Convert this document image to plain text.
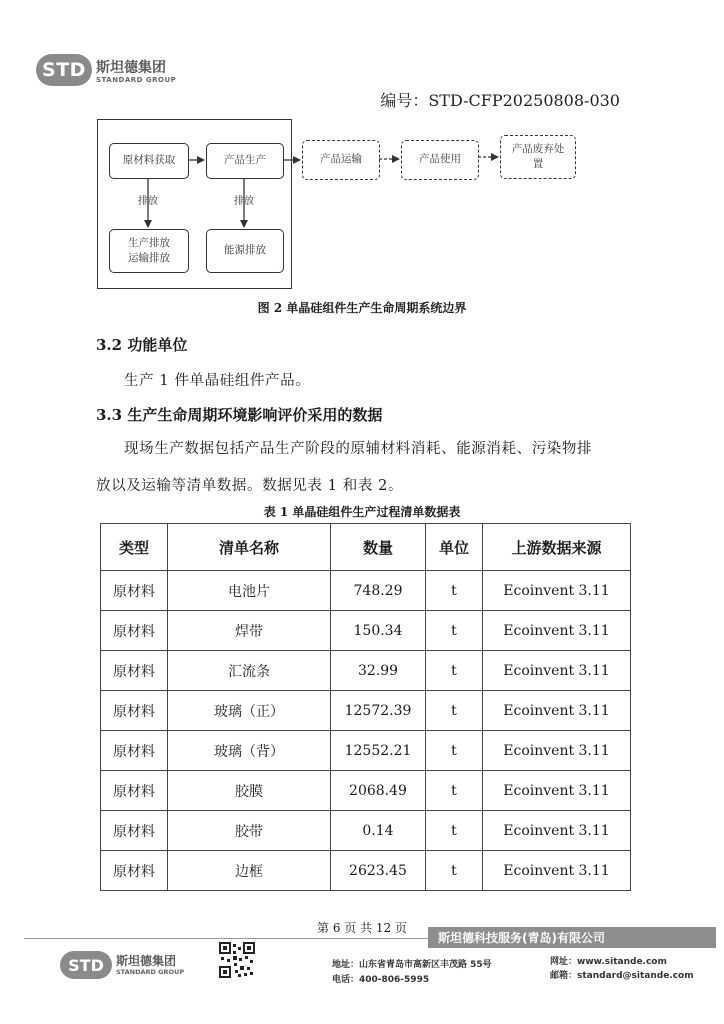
STD 斯坦德集团
STANDARD GROUP
编号：STD-CFP20250808-030
原材料获取	产品生产
生产排放
运输排放
能源排放
产品运输	产品使用
产品废弃处
置
排放	排放
图 2 单晶硅组件生产生命周期系统边界
3.2 功能单位
生产 1 件单晶硅组件产品。
3.3 生产生命周期环境影响评价采用的数据
现场生产数据包括产品生产阶段的原辅材料消耗、能源消耗、污染物排
放以及运输等清单数据。数据见表 1 和表 2。
表 1 单晶硅组件生产过程清单数据表
类型	清单名称	数量	单位	上游数据来源
原材料	电池片	748.29	t	Ecoinvent 3.11
原材料	焊带	150.34	t	Ecoinvent 3.11
原材料	汇流条	32.99	t	Ecoinvent 3.11
原材料	玻璃（正）	12572.39	t	Ecoinvent 3.11
原材料	玻璃（背）	12552.21	t	Ecoinvent 3.11
原材料	胶膜	2068.49	t	Ecoinvent 3.11
原材料	胶带	0.14	t	Ecoinvent 3.11
原材料	边框	2623.45	t	Ecoinvent 3.11
第 6 页 共 12 页
斯坦德科技服务(青岛)有限公司
STD	斯坦德集团
STANDARD GROUP
地址：山东省青岛市高新区丰茂路 55号
电话：400-806-5995
网址：www.sitande.com
邮箱：standard@sitande.com
